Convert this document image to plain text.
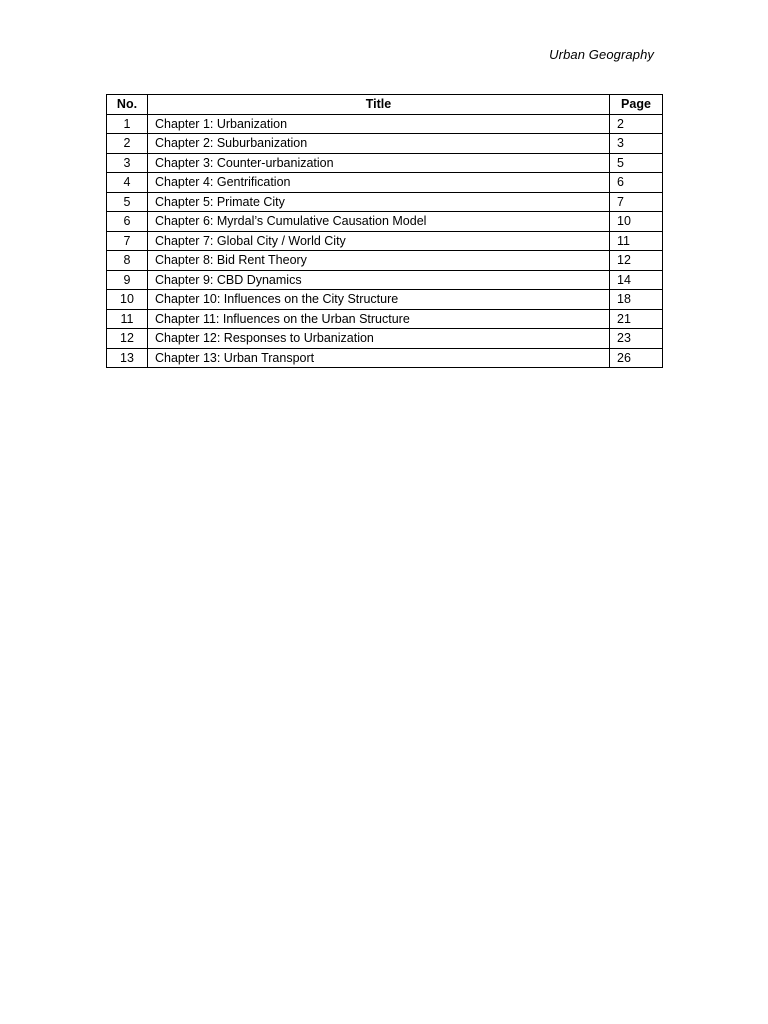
Urban Geography
No.	Title	Page
1	Chapter 1: Urbanization	2
2	Chapter 2: Suburbanization	3
3	Chapter 3: Counter-urbanization	5
4	Chapter 4: Gentrification	6
5	Chapter 5: Primate City	7
6	Chapter 6: Myrdal’s Cumulative Causation Model	10
7	Chapter 7: Global City / World City	11
8	Chapter 8: Bid Rent Theory	12
9	Chapter 9: CBD Dynamics	14
10	Chapter 10: Influences on the City Structure	18
11	Chapter 11: Influences on the Urban Structure	21
12	Chapter 12: Responses to Urbanization	23
13	Chapter 13: Urban Transport	26
